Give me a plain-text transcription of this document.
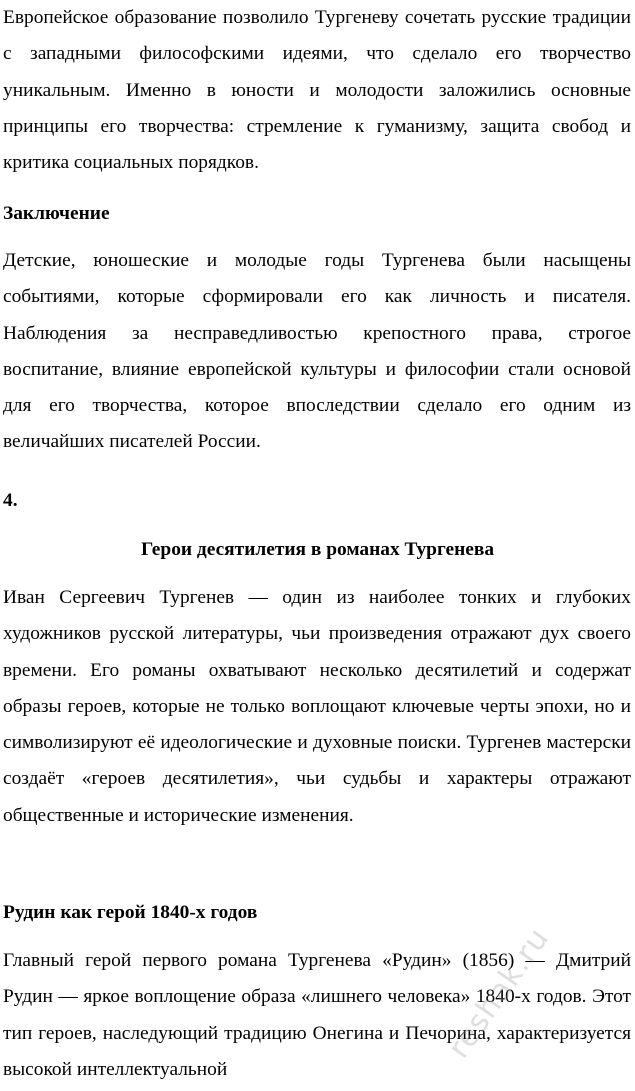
Европейское образование позволило Тургеневу сочетать русские традиции с западными философскими идеями, что сделало его творчество уникальным. Именно в юности и молодости заложились основные принципы его творчества: стремление к гуманизму, защита свобод и критика социальных порядков.

Заключение

Детские, юношеские и молодые годы Тургенева были насыщены событиями, которые сформировали его как личность и писателя. Наблюдения за несправедливостью крепостного права, строгое воспитание, влияние европейской культуры и философии стали основой для его творчества, которое впоследствии сделало его одним из величайших писателей России.

4.
Герои десятилетия в романах Тургенева

Иван Сергеевич Тургенев — один из наиболее тонких и глубоких художников русской литературы, чьи произведения отражают дух своего времени. Его романы охватывают несколько десятилетий и содержат образы героев, которые не только воплощают ключевые черты эпохи, но и символизируют её идеологические и духовные поиски. Тургенев мастерски создаёт «героев десятилетия», чьи судьбы и характеры отражают общественные и исторические изменения.

Рудин как герой 1840-х годов

Главный герой первого романа Тургенева «Рудин» (1856) — Дмитрий Рудин — яркое воплощение образа «лишнего человека» 1840-х годов. Этот тип героев, наследующий традицию Онегина и Печорина, характеризуется высокой интеллектуальной

reshak.ru
